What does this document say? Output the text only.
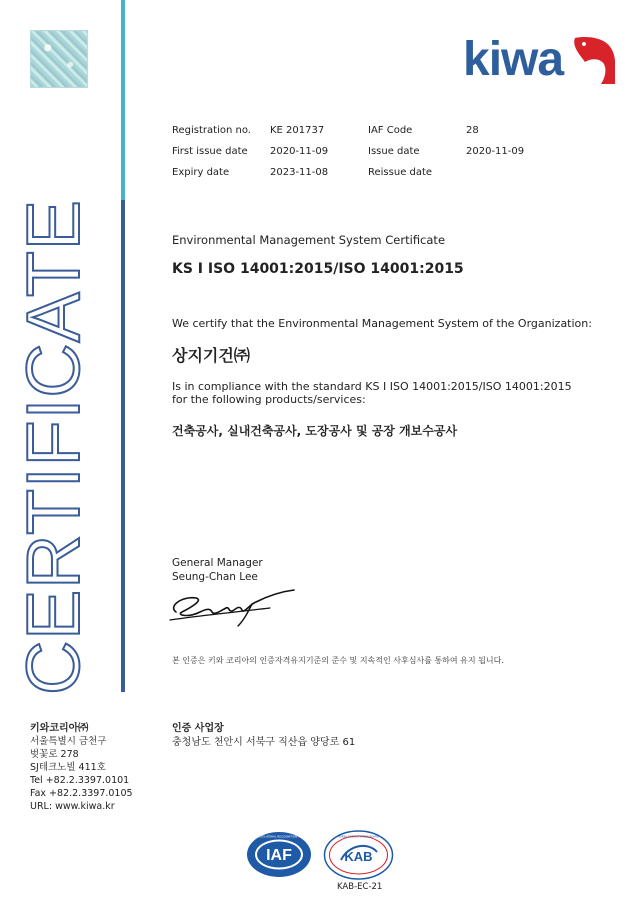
CERTIFICATE
kiwa
Registration no. KE 201737	IAF Code	28
First issue date 2020-11-09	Issue date	2020-11-09
Expiry date	2023-11-08	Reissue date
Environmental Management System Certificate
KS I ISO 14001:2015/ISO 14001:2015
We certify that the Environmental Management System of the Organization:
상지기건㈜
Is in compliance with the standard KS I ISO 14001:2015/ISO 14001:2015
for the following products/services:
건축공사, 실내건축공사, 도장공사 및 공장 개보수공사
General Manager
Seung-Chan Lee
본 인증은 키와 코리아의 인증자격유지기준의 준수 및 지속적인 사후심사를 통하여 유지 됩니다.
키와코리아㈜
서울특별시 금천구
벚꽃로 278
SJ테크노빌 411호
Tel +82.2.3397.0101
Fax +82.2.3397.0105
URL: www.kiwa.kr
인증 사업장
충청남도 천안시 서북구 직산읍 양당로 61
IAF
MEMBER OF MULTILATERAL RECOGNITION ARRANGEMENT	KOREA ACCREDITATION BOARD
KAB
KAB-EC-21
